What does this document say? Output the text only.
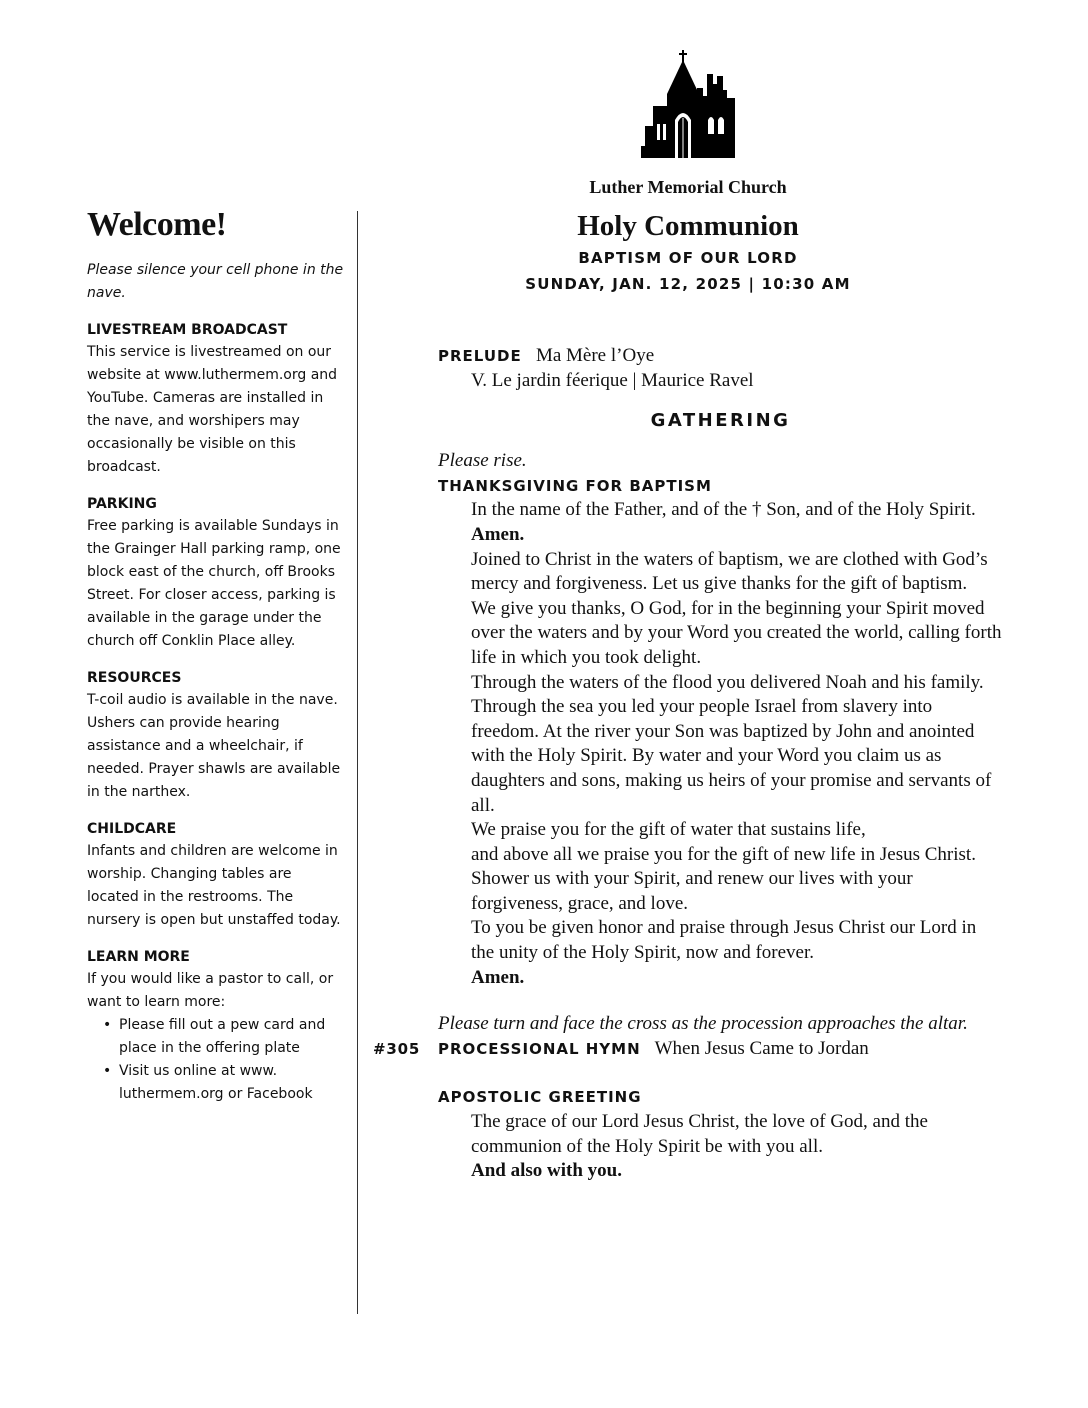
Luther Memorial Church
Holy Communion
BAPTISM OF OUR LORD
SUNDAY, JAN. 12, 2025 | 10:30 AM
Welcome!

Please silence your cell phone in the nave.

LIVESTREAM BROADCAST

This service is livestreamed on our website at www.luthermem.org and YouTube. Cameras are installed in the nave, and worshipers may occasionally be visible on this broadcast.

PARKING

Free parking is available Sundays in the Grainger Hall parking ramp, one block east of the church, off Brooks Street. For closer access, parking is available in the garage under the church off Conklin Place alley.

RESOURCES

T-coil audio is available in the nave. Ushers can provide hearing assistance and a wheelchair, if needed. Prayer shawls are available in the narthex.

CHILDCARE

Infants and children are welcome in worship. Changing tables are located in the restrooms. The nursery is open but unstaffed today.

LEARN MORE

If you would like a pastor to call, or want to learn more:

• Please fill out a pew card and place in the offering plate
• Visit us online at www. luthermem.org or Facebook
PRELUDE Ma Mère l’Oye
V. Le jardin féerique | Maurice Ravel
GATHERING
Please rise.
THANKSGIVING FOR BAPTISM
In the name of the Father, and of the † Son, and of the Holy Spirit.
Amen.
Joined to Christ in the waters of baptism, we are clothed with God’s mercy and forgiveness. Let us give thanks for the gift of baptism.
We give you thanks, O God, for in the beginning your Spirit moved over the waters and by your Word you created the world, calling forth life in which you took delight.
Through the waters of the flood you delivered Noah and his family. Through the sea you led your people Israel from slavery into freedom. At the river your Son was baptized by John and anointed with the Holy Spirit. By water and your Word you claim us as daughters and sons, making us heirs of your promise and servants of all.
We praise you for the gift of water that sustains life,
and above all we praise you for the gift of new life in Jesus Christ. Shower us with your Spirit, and renew our lives with your forgiveness, grace, and love.
To you be given honor and praise through Jesus Christ our Lord in the unity of the Holy Spirit, now and forever.
Amen.
Please turn and face the cross as the procession approaches the altar.
#305 PROCESSIONAL HYMN When Jesus Came to Jordan
APOSTOLIC GREETING
The grace of our Lord Jesus Christ, the love of God, and the communion of the Holy Spirit be with you all.
And also with you.
